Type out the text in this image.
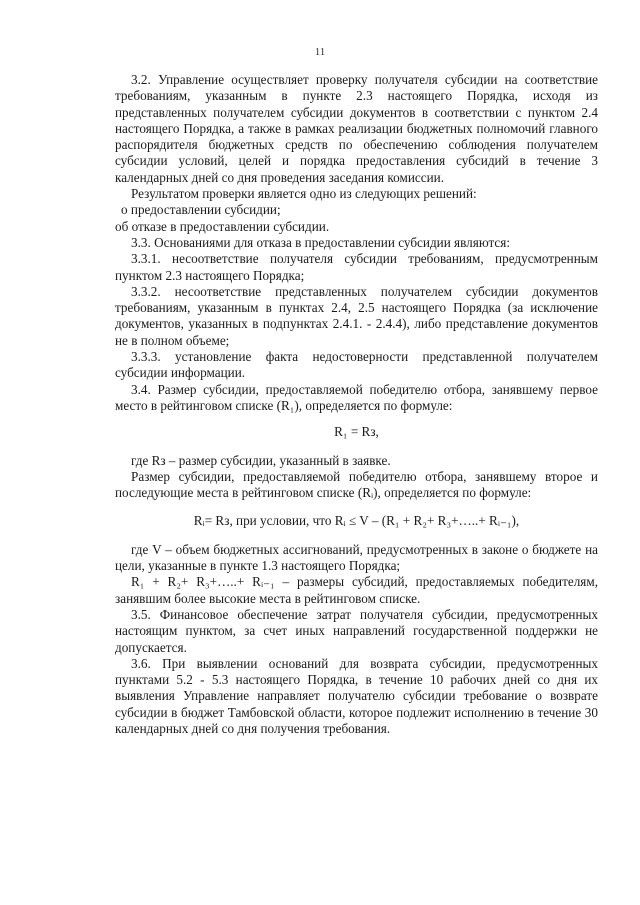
11

3.2. Управление осуществляет проверку получателя субсидии на соответствие требованиям, указанным в пункте 2.3 настоящего Порядка, исходя из представленных получателем субсидии документов в соответствии с пунктом 2.4 настоящего Порядка, а также в рамках реализации бюджетных полномочий главного распорядителя бюджетных средств по обеспечению соблюдения получателем субсидии условий, целей и порядка предоставления субсидий в течение 3 календарных дней со дня проведения заседания комиссии.

Результатом проверки является одно из следующих решений:

о предоставлении субсидии;

об отказе в предоставлении субсидии.

3.3. Основаниями для отказа в предоставлении субсидии являются:

3.3.1. несоответствие получателя субсидии требованиям, предусмотренным пунктом 2.3 настоящего Порядка;

3.3.2. несоответствие представленных получателем субсидии документов требованиям, указанным в пунктах 2.4, 2.5 настоящего Порядка (за исключение документов, указанных в подпунктах 2.4.1. - 2.4.4), либо представление документов не в полном объеме;

3.3.3. установление факта недостоверности представленной получателем субсидии информации.

3.4. Размер субсидии, предоставляемой победителю отбора, занявшему первое место в рейтинговом списке (R₁), определяется по формуле:

R₁ = Rз,

где Rз – размер субсидии, указанный в заявке.

Размер субсидии, предоставляемой победителю отбора, занявшему второе и последующие места в рейтинговом списке (Rᵢ), определяется по формуле:

Rᵢ= Rз, при условии, что Rᵢ ≤ V – (R₁ + R₂+ R₃+…..+ Rᵢ₋₁),

где V – объем бюджетных ассигнований, предусмотренных в законе о бюджете на цели, указанные в пункте 1.3 настоящего Порядка;

R₁ + R₂+ R₃+…..+ Rᵢ₋₁ – размеры субсидий, предоставляемых победителям, занявшим более высокие места в рейтинговом списке.

3.5. Финансовое обеспечение затрат получателя субсидии, предусмотренных настоящим пунктом, за счет иных направлений государственной поддержки не допускается.

3.6. При выявлении оснований для возврата субсидии, предусмотренных пунктами 5.2 - 5.3 настоящего Порядка, в течение 10 рабочих дней со дня их выявления Управление направляет получателю субсидии требование о возврате субсидии в бюджет Тамбовской области, которое подлежит исполнению в течение 30 календарных дней со дня получения требования.
